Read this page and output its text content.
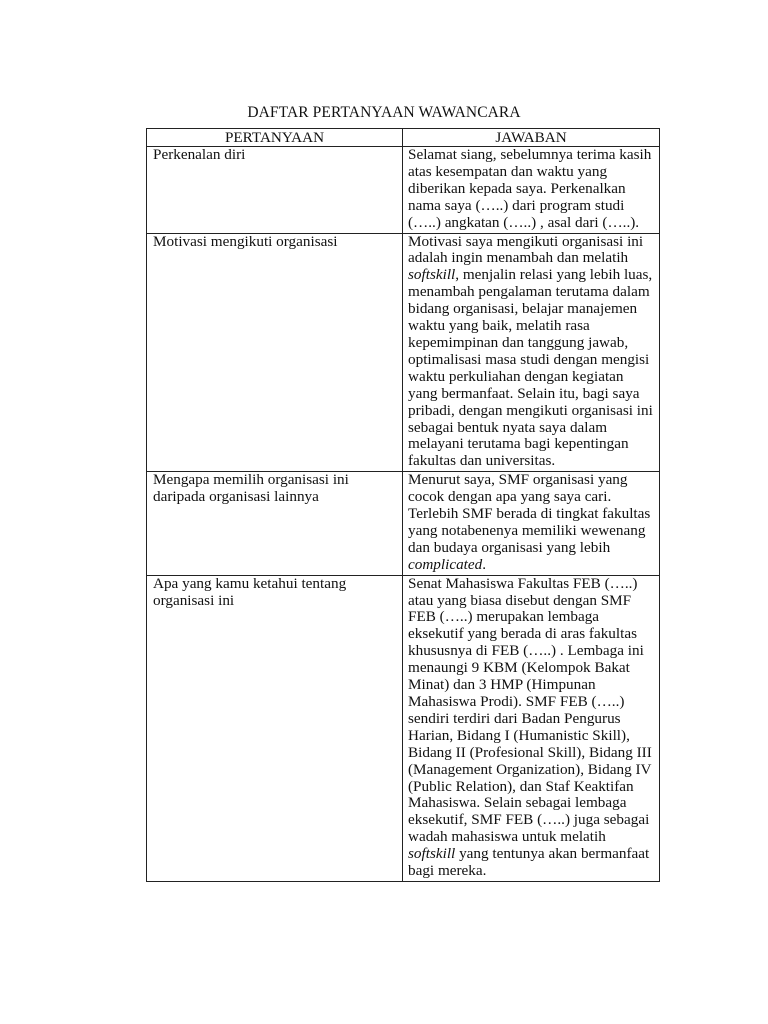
DAFTAR PERTANYAAN WAWANCARA
PERTANYAAN	JAWABAN
Perkenalan diri	Selamat siang, sebelumnya terima kasih atas kesempatan dan waktu yang diberikan kepada saya. Perkenalkan nama saya (…..) dari program studi (…..) angkatan (…..) , asal dari (…..).
Motivasi mengikuti organisasi	Motivasi saya mengikuti organisasi ini adalah ingin menambah dan melatih softskill, menjalin relasi yang lebih luas, menambah pengalaman terutama dalam bidang organisasi, belajar manajemen waktu yang baik, melatih rasa kepemimpinan dan tanggung jawab, optimalisasi masa studi dengan mengisi waktu perkuliahan dengan kegiatan yang bermanfaat. Selain itu, bagi saya pribadi, dengan mengikuti organisasi ini sebagai bentuk nyata saya dalam melayani terutama bagi kepentingan fakultas dan universitas.
Mengapa memilih organisasi ini daripada organisasi lainnya	Menurut saya, SMF organisasi yang cocok dengan apa yang saya cari. Terlebih SMF berada di tingkat fakultas yang notabenenya memiliki wewenang dan budaya organisasi yang lebih complicated.
Apa yang kamu ketahui tentang organisasi ini	Senat Mahasiswa Fakultas FEB (…..) atau yang biasa disebut dengan SMF FEB (…..) merupakan lembaga eksekutif yang berada di aras fakultas khususnya di FEB (…..) . Lembaga ini menaungi 9 KBM (Kelompok Bakat Minat) dan 3 HMP (Himpunan Mahasiswa Prodi). SMF FEB (…..) sendiri terdiri dari Badan Pengurus Harian, Bidang I (Humanistic Skill), Bidang II (Profesional Skill), Bidang III (Management Organization), Bidang IV (Public Relation), dan Staf Keaktifan Mahasiswa. Selain sebagai lembaga eksekutif, SMF FEB (…..) juga sebagai wadah mahasiswa untuk melatih softskill yang tentunya akan bermanfaat bagi mereka.
